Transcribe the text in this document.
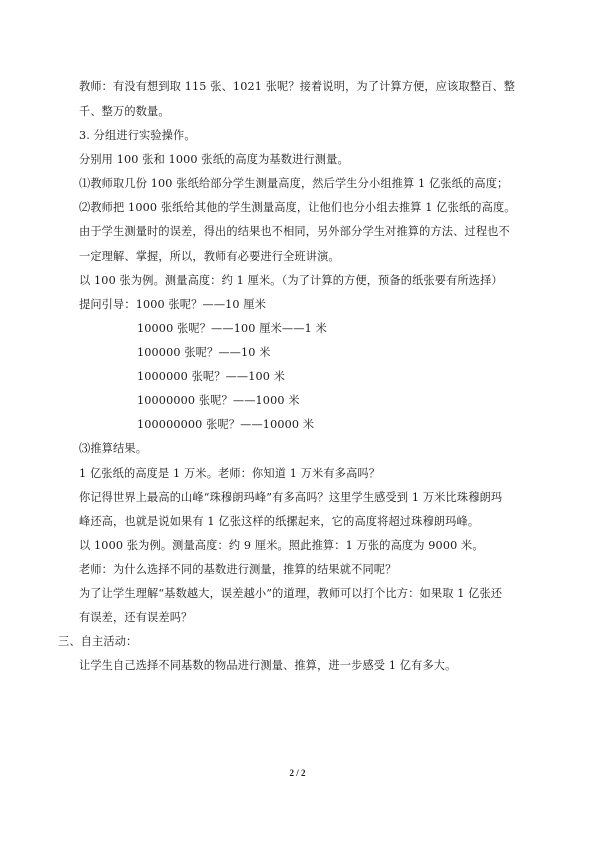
教师：有没有想到取 115 张、1021 张呢？接着说明，为了计算方便，应该取整百、整
千、整万的数量。
3. 分组进行实验操作。
分别用 100 张和 1000 张纸的高度为基数进行测量。
⑴教师取几份 100 张纸给部分学生测量高度，然后学生分小组推算 1 亿张纸的高度；
⑵教师把 1000 张纸给其他的学生测量高度，让他们也分小组去推算 1 亿张纸的高度。
由于学生测量时的误差，得出的结果也不相同，另外部分学生对推算的方法、过程也不
一定理解、掌握，所以，教师有必要进行全班讲演。
以 100 张为例。测量高度：约 1 厘米。（为了计算的方便，预备的纸张要有所选择）
提问引导：1000 张呢？——10 厘米
10000 张呢？——100 厘米——1 米
100000 张呢？——10 米
1000000 张呢？——100 米
10000000 张呢？——1000 米
100000000 张呢？——10000 米
⑶推算结果。
1 亿张纸的高度是 1 万米。老师：你知道 1 万米有多高吗？
你记得世界上最高的山峰“珠穆朗玛峰”有多高吗？这里学生感受到 1 万米比珠穆朗玛
峰还高，也就是说如果有 1 亿张这样的纸摞起来，它的高度将超过珠穆朗玛峰。
以 1000 张为例。测量高度：约 9 厘米。照此推算：1 万张的高度为 9000 米。
老师：为什么选择不同的基数进行测量，推算的结果就不同呢？
为了让学生理解“基数越大，误差越小”的道理，教师可以打个比方：如果取 1 亿张还
有误差，还有误差吗？
三、自主活动：
让学生自己选择不同基数的物品进行测量、推算，进一步感受 1 亿有多大。
2 / 2
